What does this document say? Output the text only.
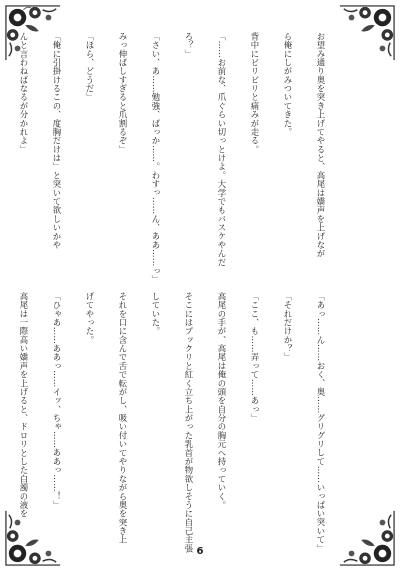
お望み通り奥を突き上げてやると、高尾は嬌声を上げなが

ら俺にしがみついてきた。

背中にビリビリと痛みが走る。

「……お前な、爪ぐらい切っとけよ。大学でもバスケやんだ

ろ？」

「さい、あ……勉強、ばっか……。わすっ……ん、ああ……っ」

みっ伸ばしすぎると爪割るぞ」

「ほら、どうだ」

「俺に引掛けるこの、度胸だけは」と突いて欲しいかや

んと言わねばなるが分かれよ」

「あっ……ん……おく、奥……グリグリして……いっぱい突いて」

「それだけか？」

「ここ、も……弄って……あっ」

高尾の手が、高尾は俺の頭を自分の胸元へ持っていく。

そこにはプックリと紅く立ち上がった乳首が物欲しそうに自己主張

していた。

それを口に含んで舌で転がし、吸い付いてやりながら奥を突き上

げてやった。

「ひゃあ……ああっ……イッ、ちゃ……ああっ……！」

高尾は一際高い嬌声を上げると、ドロリとした白濁の液を

6
